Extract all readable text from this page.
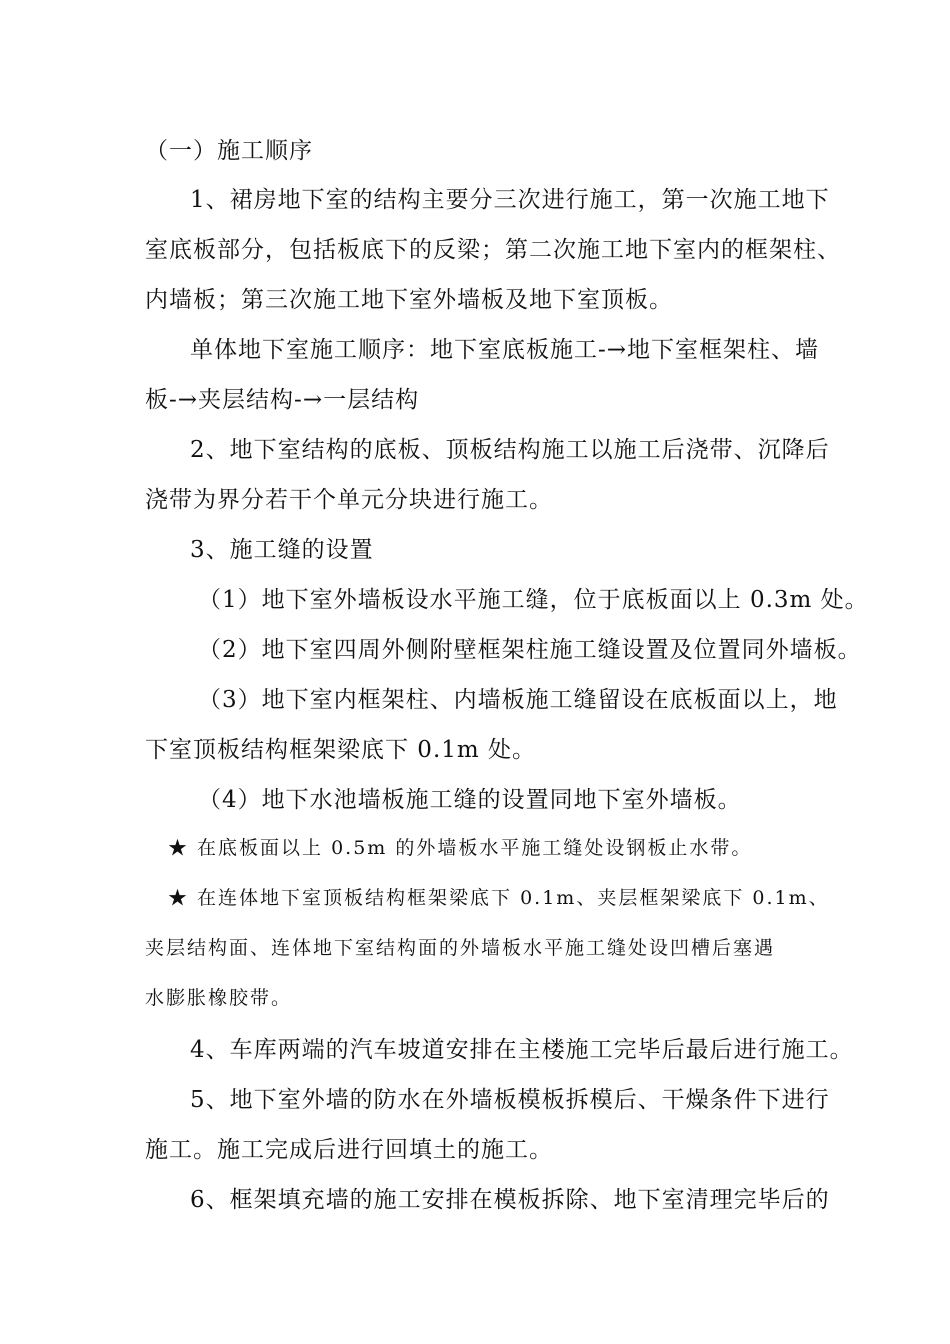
（一）施工顺序
1、裙房地下室的结构主要分三次进行施工，第一次施工地下
室底板部分，包括板底下的反梁；第二次施工地下室内的框架柱、
内墙板；第三次施工地下室外墙板及地下室顶板。
单体地下室施工顺序：地下室底板施工-→地下室框架柱、墙
板-→夹层结构-→一层结构
2、地下室结构的底板、顶板结构施工以施工后浇带、沉降后
浇带为界分若干个单元分块进行施工。
3、施工缝的设置
（1）地下室外墙板设水平施工缝，位于底板面以上 0.3m 处。
（2）地下室四周外侧附壁框架柱施工缝设置及位置同外墙板。
（3）地下室内框架柱、内墙板施工缝留设在底板面以上，地
下室顶板结构框架梁底下 0.1m 处。
（4）地下水池墙板施工缝的设置同地下室外墙板。
★ 在底板面以上 0.5m 的外墙板水平施工缝处设钢板止水带。
★ 在连体地下室顶板结构框架梁底下 0.1m、夹层框架梁底下 0.1m、
夹层结构面、连体地下室结构面的外墙板水平施工缝处设凹槽后塞遇
水膨胀橡胶带。
4、车库两端的汽车坡道安排在主楼施工完毕后最后进行施工。
5、地下室外墙的防水在外墙板模板拆模后、干燥条件下进行
施工。施工完成后进行回填土的施工。
6、框架填充墙的施工安排在模板拆除、地下室清理完毕后的
